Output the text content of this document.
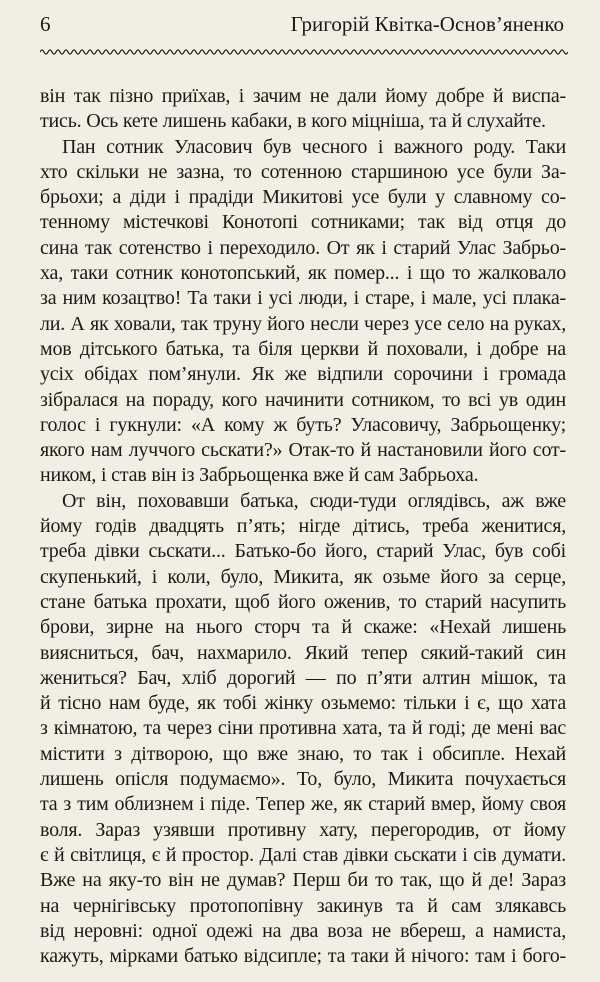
6	Григорій Квітка-Основ’яненко
він так пізно приїхав, і зачим не дали йому добре й виспа-
тись. Ось кете лишень кабаки, в кого міцніша, та й слухайте.
Пан сотник Уласович був чесного і важного роду. Таки
хто скільки не зазна, то сотенною старшиною усе були За-
брьохи; а діди і прадіди Микитові усе були у славному со-
тенному містечкові Конотопі сотниками; так від отця до
сина так сотенство і переходило. От як і старий Улас Забрьо-
ха, таки сотник конотопський, як помер... і що то жалковало
за ним козацтво! Та таки і усі люди, і старе, і мале, усі плака-
ли. А як ховали, так труну його несли через усе село на руках,
мов дітського батька, та біля церкви й поховали, і добре на
усіх обідах пом’янули. Як же відпили сорочини і громада
зібралася на пораду, кого начинити сотником, то всі ув один
голос і гукнули: «А кому ж буть? Уласовичу, Забрьощенку;
якого нам луччого сьcкати?» Отак-то й настановили його сот-
ником, і став він із Забрьощенка вже й сам Забрьоха.
От він, поховавши батька, сюди-туди оглядівсь, аж вже
йому годів двадцять п’ять; нігде дітись, треба женитися,
треба дівки сьcкати... Батько-бо його, старий Улас, був собі
скупенький, і коли, було, Микита, як озьме його за серце,
стане батька прохати, щоб його оженив, то старий насупить
брови, зирне на нього сторч та й скаже: «Нехай лишень
вияcниться, бач, нахмарило. Який тепер сякий-такий син
жениться? Бач, хліб дорогий — по п’яти алтин мішок, та
й тісно нам буде, як тобі жінку озьмемо: тільки і є, що хата
з кімнатою, та через сіни противна хата, та й годі; де мені вас
містити з дітворою, що вже знаю, то так і обсипле. Нехай
лишень опісля подумаємо». То, було, Микита почухається
та з тим облизнем і піде. Тепер же, як старий вмер, йому своя
воля. Зараз узявши противну хату, перегородив, от йому
є й світлиця, є й простор. Далі став дівки сьcкати і сів думати.
Вже на яку-то він не думав? Перш би то так, що й де! Зараз
на чернігівську протопопівну закинув та й сам злякавсь
від неровні: одної одежі на два воза не вбереш, а намиста,
кажуть, мірками батько відсипле; та таки й нічого: там і бого-
